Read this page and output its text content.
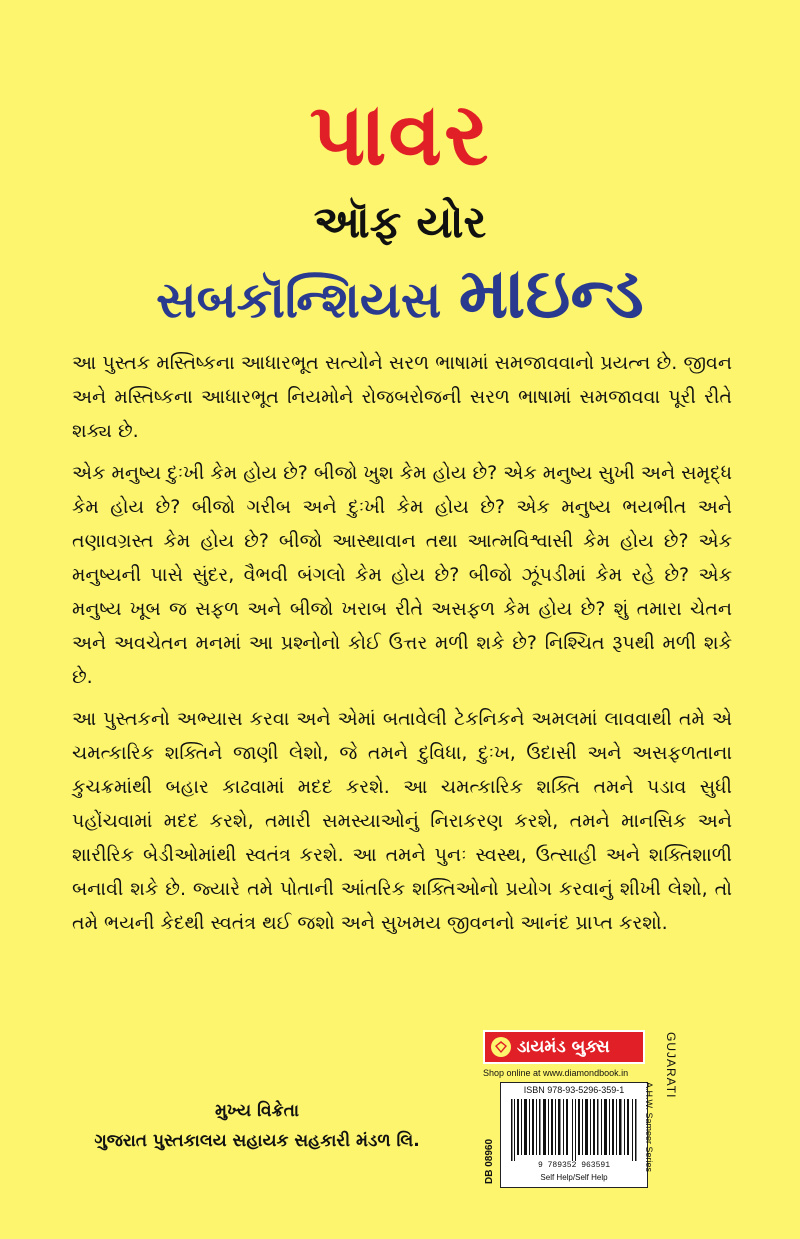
પાવર
ઑફ યોર
સબકૉન્શિયસ માઇન્ડ

આ પુસ્તક મસ્તિષ્કના આધારભૂત સત્યોને સરળ ભાષામાં સમજાવવાનો પ્રયત્ન છે. જીવન અને મસ્તિષ્કના આધારભૂત નિયમોને રોજબરોજની સરળ ભાષામાં સમજાવવા પૂરી રીતે શક્ય છે.

એક મનુષ્ય દુઃખી કેમ હોય છે? બીજો ખુશ કેમ હોય છે? એક મનુષ્ય સુખી અને સમૃદ્ધ કેમ હોય છે? બીજો ગરીબ અને દુઃખી કેમ હોય છે? એક મનુષ્ય ભયભીત અને તણાવગ્રસ્ત કેમ હોય છે? બીજો આસ્થાવાન તથા આત્મવિશ્વાસી કેમ હોય છે? એક મનુષ્યની પાસે સુંદર, વૈભવી બંગલો કેમ હોય છે? બીજો ઝૂંપડીમાં કેમ રહે છે? એક મનુષ્ય ખૂબ જ સફળ અને બીજો ખરાબ રીતે અસફળ કેમ હોય છે? શું તમારા ચેતન અને અવચેતન મનમાં આ પ્રશ્નોનો કોઈ ઉત્તર મળી શકે છે? નિશ્ચિત રૂપથી મળી શકે છે.

આ પુસ્તકનો અભ્યાસ કરવા અને એમાં બતાવેલી ટેકનિકને અમલમાં લાવવાથી તમે એ ચમત્કારિક શક્તિને જાણી લેશો, જે તમને દુવિધા, દુઃખ, ઉદાસી અને અસફળતાના કુચક્રમાંથી બહાર કાઢવામાં મદદ કરશે. આ ચમત્કારિક શક્તિ તમને પડાવ સુધી પહોંચવામાં મદદ કરશે, તમારી સમસ્યાઓનું નિરાકરણ કરશે, તમને માનસિક અને શારીરિક બેડીઓમાંથી સ્વતંત્ર કરશે. આ તમને પુનઃ સ્વસ્થ, ઉત્સાહી અને શક્તિશાળી બનાવી શકે છે. જ્યારે તમે પોતાની આંતરિક શક્તિઓનો પ્રયોગ કરવાનું શીખી લેશો, તો તમે ભયની કેદથી સ્વતંત્ર થઈ જશો અને સુખમય જીવનનો આનંદ પ્રાપ્ત કરશો.

મુખ્ય વિક્રેતા
ગુજરાત પુસ્તકાલય સહાયક સહકારી મંડળ લિ.
ડાયમંડ બુક્સ
Shop online at www.diamondbook.in
ISBN 978-93-5296-359-1
9 789352 963591
Self Help/Self Help
DB 08960	A.H.W. Sameer Series
GUJARATI
